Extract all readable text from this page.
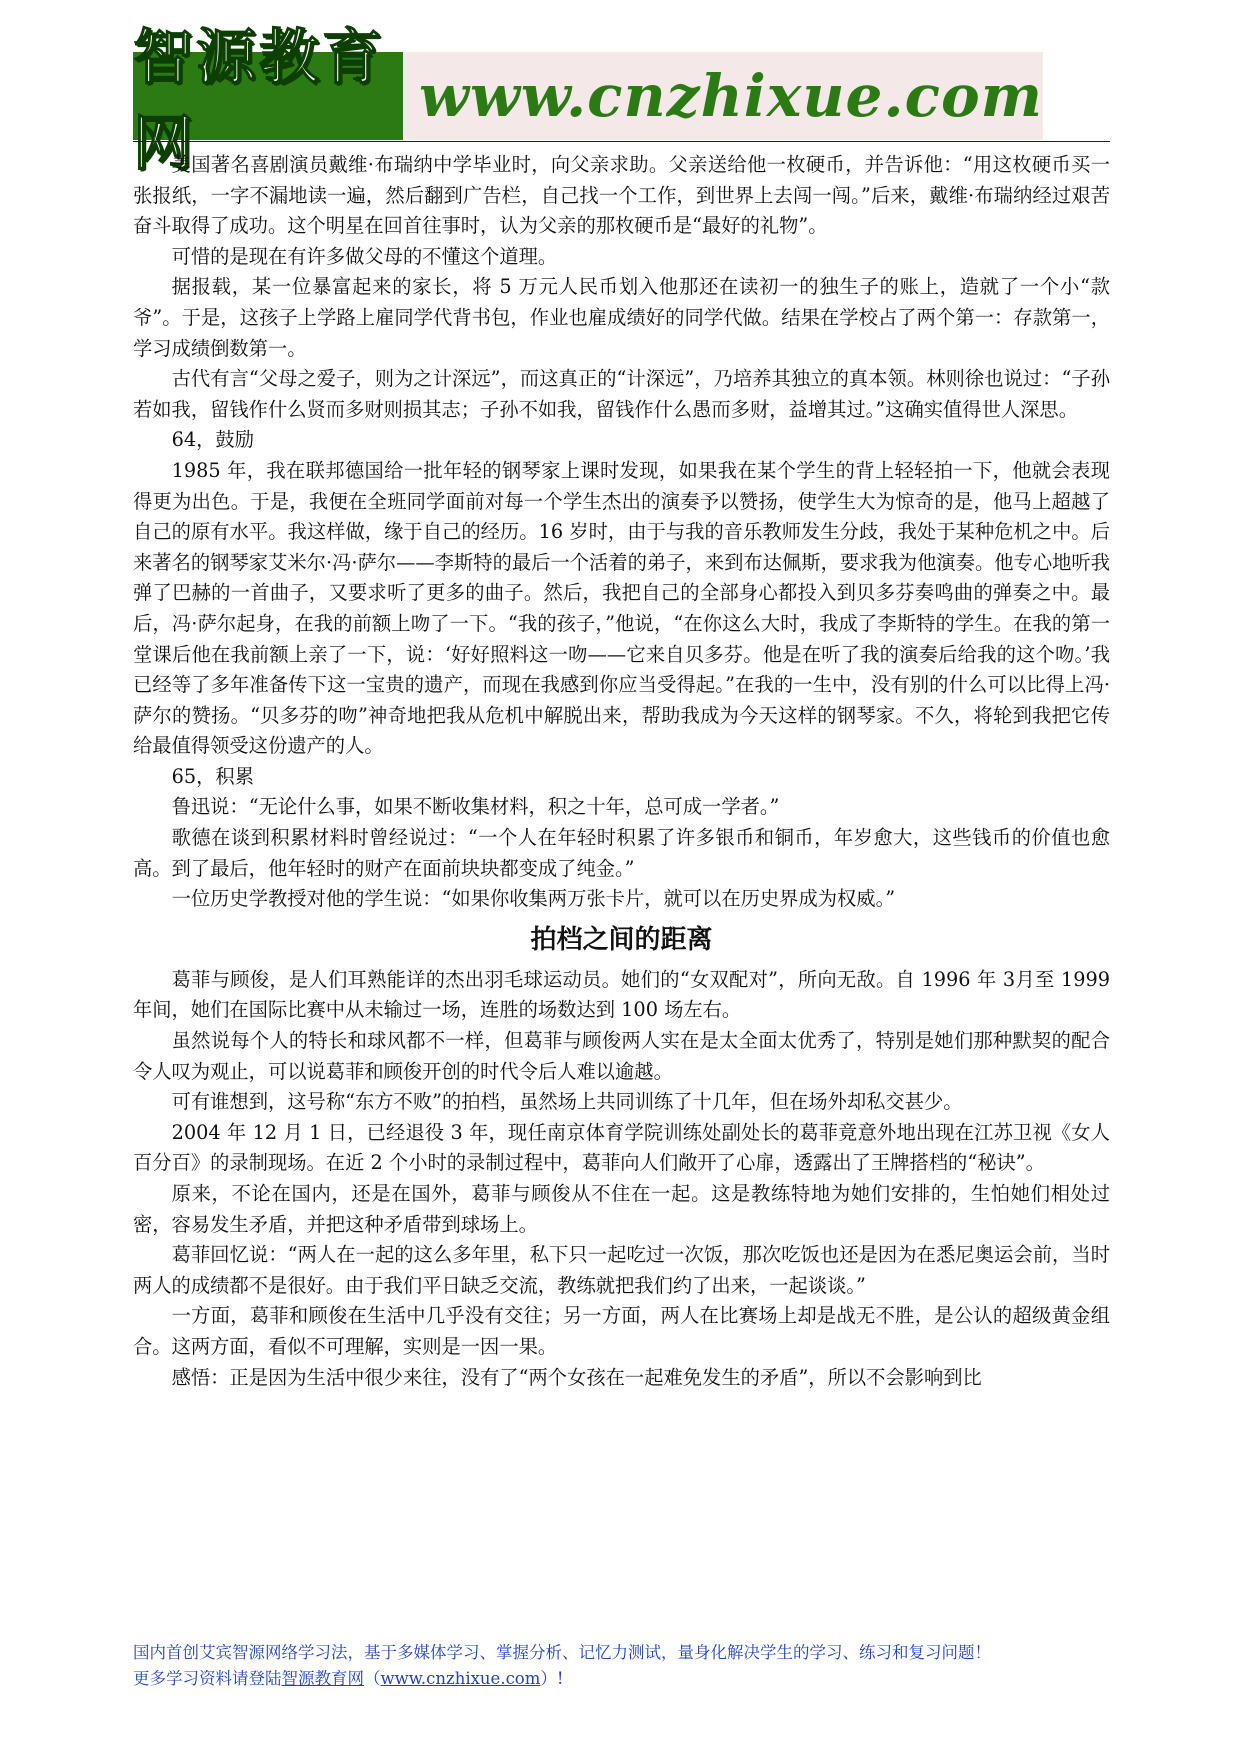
智源教育网
www.cnzhixue.com

美国著名喜剧演员戴维·布瑞纳中学毕业时，向父亲求助。父亲送给他一枚硬币，并告诉他：“用这枚硬币买一张报纸，一字不漏地读一遍，然后翻到广告栏，自己找一个工作，到世界上去闯一闯。”后来，戴维·布瑞纳经过艰苦奋斗取得了成功。这个明星在回首往事时，认为父亲的那枚硬币是“最好的礼物”。

可惜的是现在有许多做父母的不懂这个道理。

据报载，某一位暴富起来的家长，将 5 万元人民币划入他那还在读初一的独生子的账上，造就了一个小“款爷”。于是，这孩子上学路上雇同学代背书包，作业也雇成绩好的同学代做。结果在学校占了两个第一：存款第一，学习成绩倒数第一。

古代有言“父母之爱子，则为之计深远”，而这真正的“计深远”，乃培养其独立的真本领。林则徐也说过：“子孙若如我，留钱作什么贤而多财则损其志；子孙不如我，留钱作什么愚而多财，益增其过。”这确实值得世人深思。

64，鼓励

1985 年，我在联邦德国给一批年轻的钢琴家上课时发现，如果我在某个学生的背上轻轻拍一下，他就会表现得更为出色。于是，我便在全班同学面前对每一个学生杰出的演奏予以赞扬，使学生大为惊奇的是，他马上超越了自己的原有水平。我这样做，缘于自己的经历。16 岁时，由于与我的音乐教师发生分歧，我处于某种危机之中。后来著名的钢琴家艾米尔·冯·萨尔——李斯特的最后一个活着的弟子，来到布达佩斯，要求我为他演奏。他专心地听我弹了巴赫的一首曲子，又要求听了更多的曲子。然后，我把自己的全部身心都投入到贝多芬奏鸣曲的弹奏之中。最后，冯·萨尔起身，在我的前额上吻了一下。“我的孩子，”他说，“在你这么大时，我成了李斯特的学生。在我的第一堂课后他在我前额上亲了一下，说：‘好好照料这一吻——它来自贝多芬。他是在听了我的演奏后给我的这个吻。’我已经等了多年准备传下这一宝贵的遗产，而现在我感到你应当受得起。”在我的一生中，没有别的什么可以比得上冯·萨尔的赞扬。“贝多芬的吻”神奇地把我从危机中解脱出来，帮助我成为今天这样的钢琴家。不久，将轮到我把它传给最值得领受这份遗产的人。

65，积累

鲁迅说：“无论什么事，如果不断收集材料，积之十年，总可成一学者。”

歌德在谈到积累材料时曾经说过：“一个人在年轻时积累了许多银币和铜币，年岁愈大，这些钱币的价值也愈高。到了最后，他年轻时的财产在面前块块都变成了纯金。”

一位历史学教授对他的学生说：“如果你收集两万张卡片，就可以在历史界成为权威。”

拍档之间的距离

葛菲与顾俊，是人们耳熟能详的杰出羽毛球运动员。她们的“女双配对”，所向无敌。自 1996 年 3月至 1999 年间，她们在国际比赛中从未输过一场，连胜的场数达到 100 场左右。

虽然说每个人的特长和球风都不一样，但葛菲与顾俊两人实在是太全面太优秀了，特别是她们那种默契的配合令人叹为观止，可以说葛菲和顾俊开创的时代令后人难以逾越。

可有谁想到，这号称“东方不败”的拍档，虽然场上共同训练了十几年，但在场外却私交甚少。

2004 年 12 月 1 日，已经退役 3 年，现任南京体育学院训练处副处长的葛菲竟意外地出现在江苏卫视《女人百分百》的录制现场。在近 2 个小时的录制过程中，葛菲向人们敞开了心扉，透露出了王牌搭档的“秘诀”。

原来，不论在国内，还是在国外，葛菲与顾俊从不住在一起。这是教练特地为她们安排的，生怕她们相处过密，容易发生矛盾，并把这种矛盾带到球场上。

葛菲回忆说：“两人在一起的这么多年里，私下只一起吃过一次饭，那次吃饭也还是因为在悉尼奥运会前，当时两人的成绩都不是很好。由于我们平日缺乏交流，教练就把我们约了出来，一起谈谈。”

一方面，葛菲和顾俊在生活中几乎没有交往；另一方面，两人在比赛场上却是战无不胜，是公认的超级黄金组合。这两方面，看似不可理解，实则是一因一果。

感悟：正是因为生活中很少来往，没有了“两个女孩在一起难免发生的矛盾”，所以不会影响到比

国内首创艾宾智源网络学习法，基于多媒体学习、掌握分析、记忆力测试，量身化解决学生的学习、练习和复习问题！

更多学习资料请登陆智源教育网（www.cnzhixue.com）!
